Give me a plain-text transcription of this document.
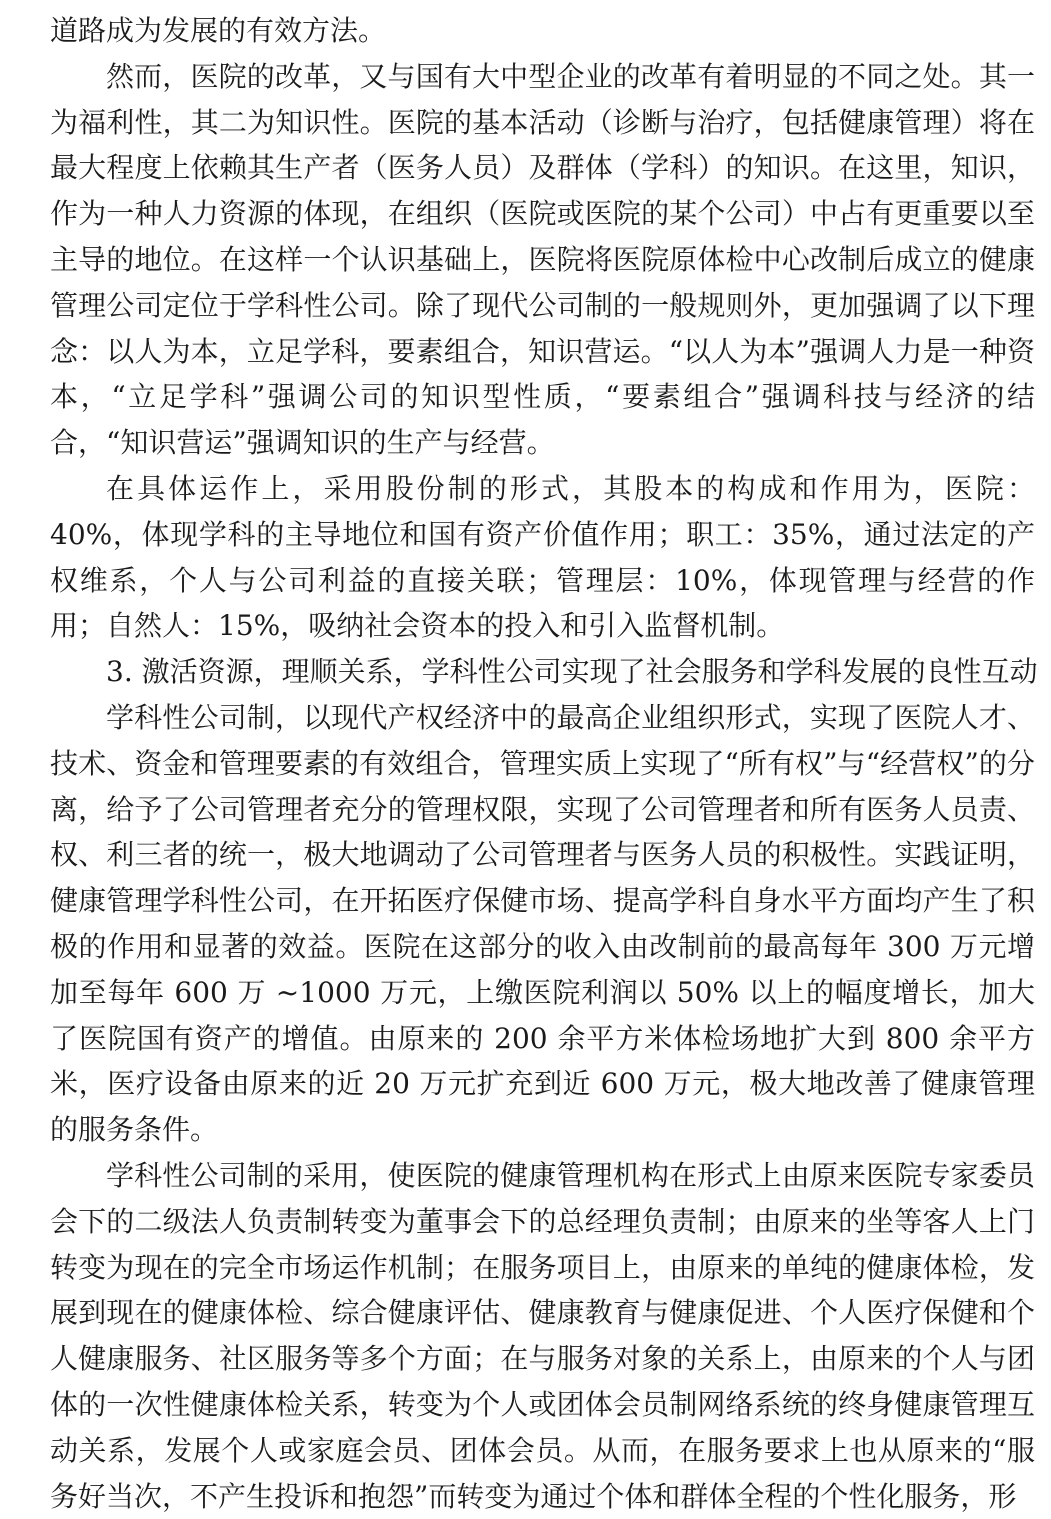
道路成为发展的有效方法。

然而，医院的改革，又与国有大中型企业的改革有着明显的不同之处。其一为福利性，其二为知识性。医院的基本活动（诊断与治疗，包括健康管理）将在最大程度上依赖其生产者（医务人员）及群体（学科）的知识。在这里，知识，作为一种人力资源的体现，在组织（医院或医院的某个公司）中占有更重要以至主导的地位。在这样一个认识基础上，医院将医院原体检中心改制后成立的健康管理公司定位于学科性公司。除了现代公司制的一般规则外，更加强调了以下理念：以人为本，立足学科，要素组合，知识营运。“以人为本”强调人力是一种资本，“立足学科”强调公司的知识型性质，“要素组合”强调科技与经济的结合，“知识营运”强调知识的生产与经营。

在具体运作上，采用股份制的形式，其股本的构成和作用为，医院：40%，体现学科的主导地位和国有资产价值作用；职工：35%，通过法定的产权维系，个人与公司利益的直接关联；管理层：10%，体现管理与经营的作用；自然人：15%，吸纳社会资本的投入和引入监督机制。

3. 激活资源，理顺关系，学科性公司实现了社会服务和学科发展的良性互动

学科性公司制，以现代产权经济中的最高企业组织形式，实现了医院人才、技术、资金和管理要素的有效组合，管理实质上实现了“所有权”与“经营权”的分离，给予了公司管理者充分的管理权限，实现了公司管理者和所有医务人员责、权、利三者的统一，极大地调动了公司管理者与医务人员的积极性。实践证明，健康管理学科性公司，在开拓医疗保健市场、提高学科自身水平方面均产生了积极的作用和显著的效益。医院在这部分的收入由改制前的最高每年 300 万元增加至每年 600 万 ~1000 万元，上缴医院利润以 50% 以上的幅度增长，加大了医院国有资产的增值。由原来的 200 余平方米体检场地扩大到 800 余平方米，医疗设备由原来的近 20 万元扩充到近 600 万元，极大地改善了健康管理的服务条件。

学科性公司制的采用，使医院的健康管理机构在形式上由原来医院专家委员会下的二级法人负责制转变为董事会下的总经理负责制；由原来的坐等客人上门转变为现在的完全市场运作机制；在服务项目上，由原来的单纯的健康体检，发展到现在的健康体检、综合健康评估、健康教育与健康促进、个人医疗保健和个人健康服务、社区服务等多个方面；在与服务对象的关系上，由原来的个人与团体的一次性健康体检关系，转变为个人或团体会员制网络系统的终身健康管理互动关系，发展个人或家庭会员、团体会员。从而，在服务要求上也从原来的“服务好当次，不产生投诉和抱怨”而转变为通过个体和群体全程的个性化服务，形
